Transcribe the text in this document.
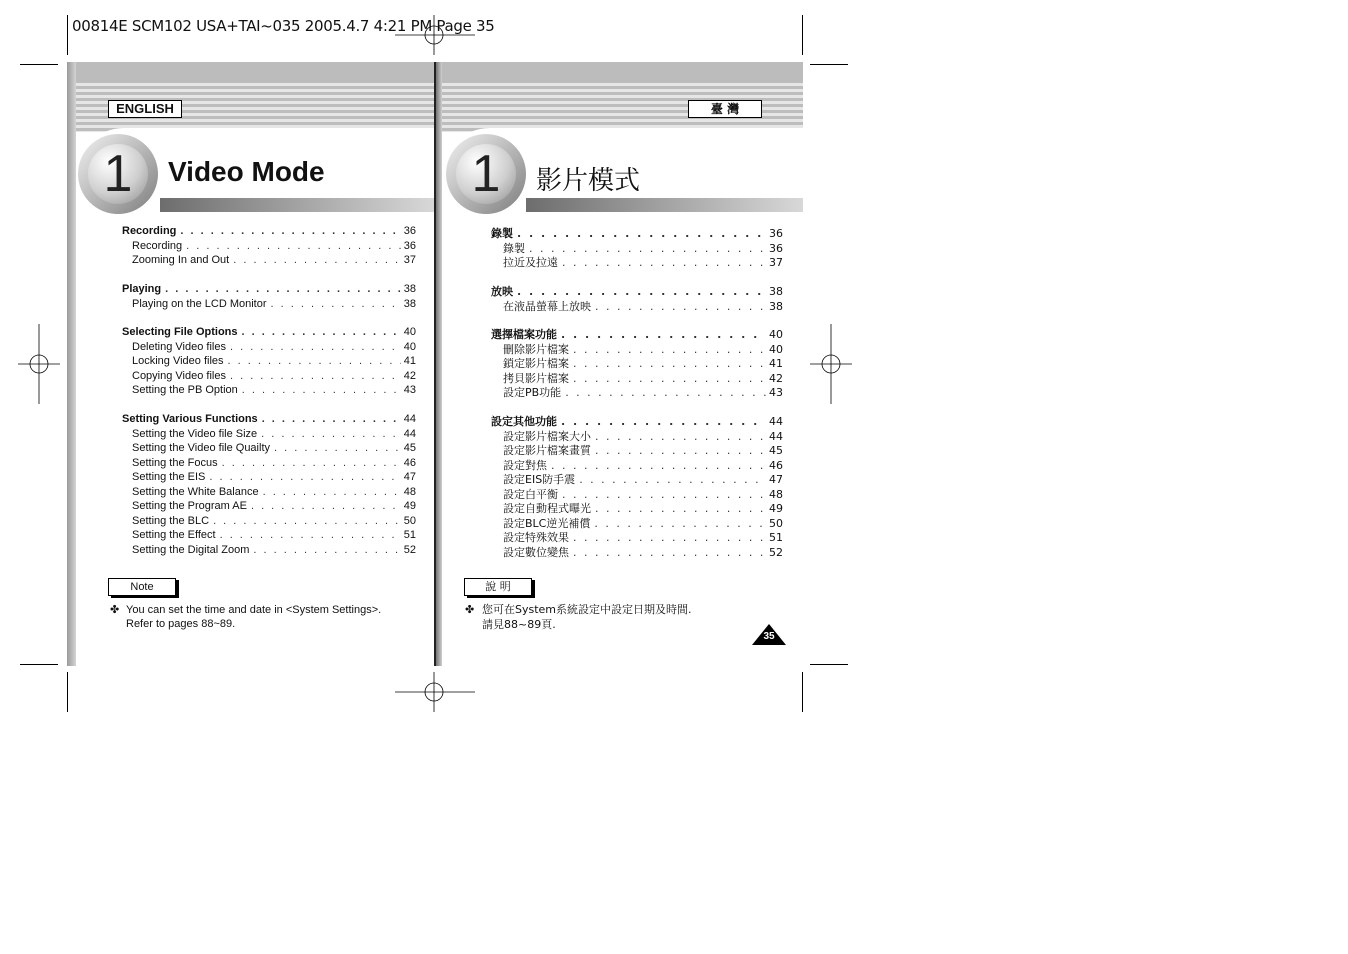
00814E SCM102 USA+TAI~035 2005.4.7 4:21 PM Page 35
ENGLISH
1	Video Mode
Recording . . .	36
Recording . . .	36
Zooming In and Out . . .	37
Playing . . .	38
Playing on the LCD Monitor . . .	38
Selecting File Options . . .	40
Deleting Video files . . .	40
Locking Video files . . .	41
Copying Video files . . .	42
Setting the PB Option . . .	43
Setting Various Functions . . .	44
Setting the Video file Size . . .	44
Setting the Video file Quailty . . .	45
Setting the Focus . . .	46
Setting the EIS . . .	47
Setting the White Balance . . .	48
Setting the Program AE . . .	49
Setting the BLC . . .	50
Setting the Effect . . .	51
Setting the Digital Zoom . . .	52
Note
✤ You can set the time and date in <System Settings>.
Refer to pages 88~89.
臺 灣
1	影片模式
錄製 . . .	36
錄製 . . .	36
拉近及拉遠 . . .	37
放映 . . .	38
在液晶螢幕上放映 . . .	38
選擇檔案功能 . . .	40
刪除影片檔案 . . .	40
鎖定影片檔案 . . .	41
拷貝影片檔案 . . .	42
設定PB功能 . . .	43
設定其他功能 . . .	44
設定影片檔案大小 . . .	44
設定影片檔案畫質 . . .	45
設定對焦 . . .	46
設定EIS防手震 . . .	47
設定白平衡 . . .	48
設定自動程式曝光 . . .	49
設定BLC逆光補償 . . .	50
設定特殊效果 . . .	51
設定數位變焦 . . .	52
說 明
✤ 您可在System系統設定中設定日期及時間.
請見88~89頁.
35
